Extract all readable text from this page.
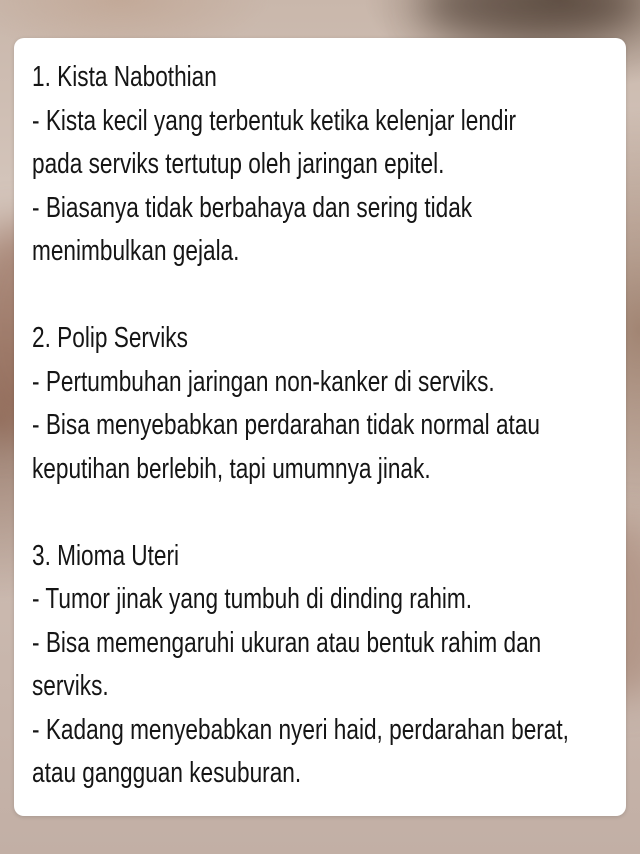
1. Kista Nabothian
- Kista kecil yang terbentuk ketika kelenjar lendir
pada serviks tertutup oleh jaringan epitel.
- Biasanya tidak berbahaya dan sering tidak
menimbulkan gejala.
2. Polip Serviks
- Pertumbuhan jaringan non-kanker di serviks.
- Bisa menyebabkan perdarahan tidak normal atau
keputihan berlebih, tapi umumnya jinak.
3. Mioma Uteri
- Tumor jinak yang tumbuh di dinding rahim.
- Bisa memengaruhi ukuran atau bentuk rahim dan
serviks.
- Kadang menyebabkan nyeri haid, perdarahan berat,
atau gangguan kesuburan.
